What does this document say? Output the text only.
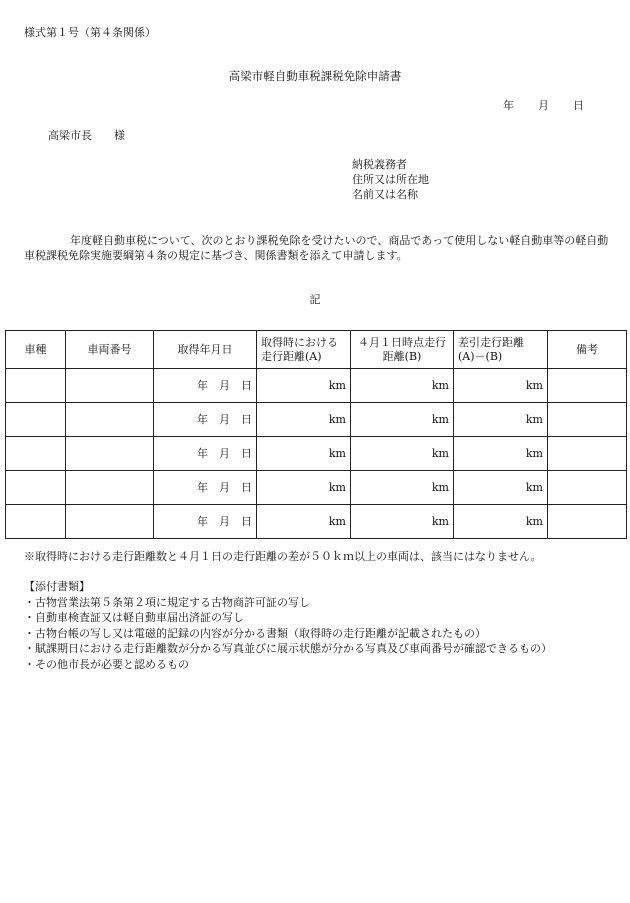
様式第１号（第４条関係）
高梁市軽自動車税課税免除申請書
年 月 日
高梁市長　　様
納税義務者
住所又は所在地
名前又は名称
年度軽自動車税について、次のとおり課税免除を受けたいので、商品であって使用しない軽自動車等の軽自動車税課税免除実施要綱第４条の規定に基づき、関係書類を添えて申請します。
記
車種	車両番号	取得年月日	取得時における走行距離(A)	４月１日時点走行距離(B)	差引走行距離 (A)－(B)	備考
		年　月　日	km	km	km	
		年　月　日	km	km	km	
		年　月　日	km	km	km	
		年　月　日	km	km	km	
		年　月　日	km	km	km	
※取得時における走行距離数と４月１日の走行距離の差が５０ｋｍ以上の車両は、該当にはなりません。
【添付書類】
・古物営業法第５条第２項に規定する古物商許可証の写し
・自動車検査証又は軽自動車届出済証の写し
・古物台帳の写し又は電磁的記録の内容が分かる書類（取得時の走行距離が記載されたもの）
・賦課期日における走行距離数が分かる写真並びに展示状態が分かる写真及び車両番号が確認できるもの）
・その他市長が必要と認めるもの
